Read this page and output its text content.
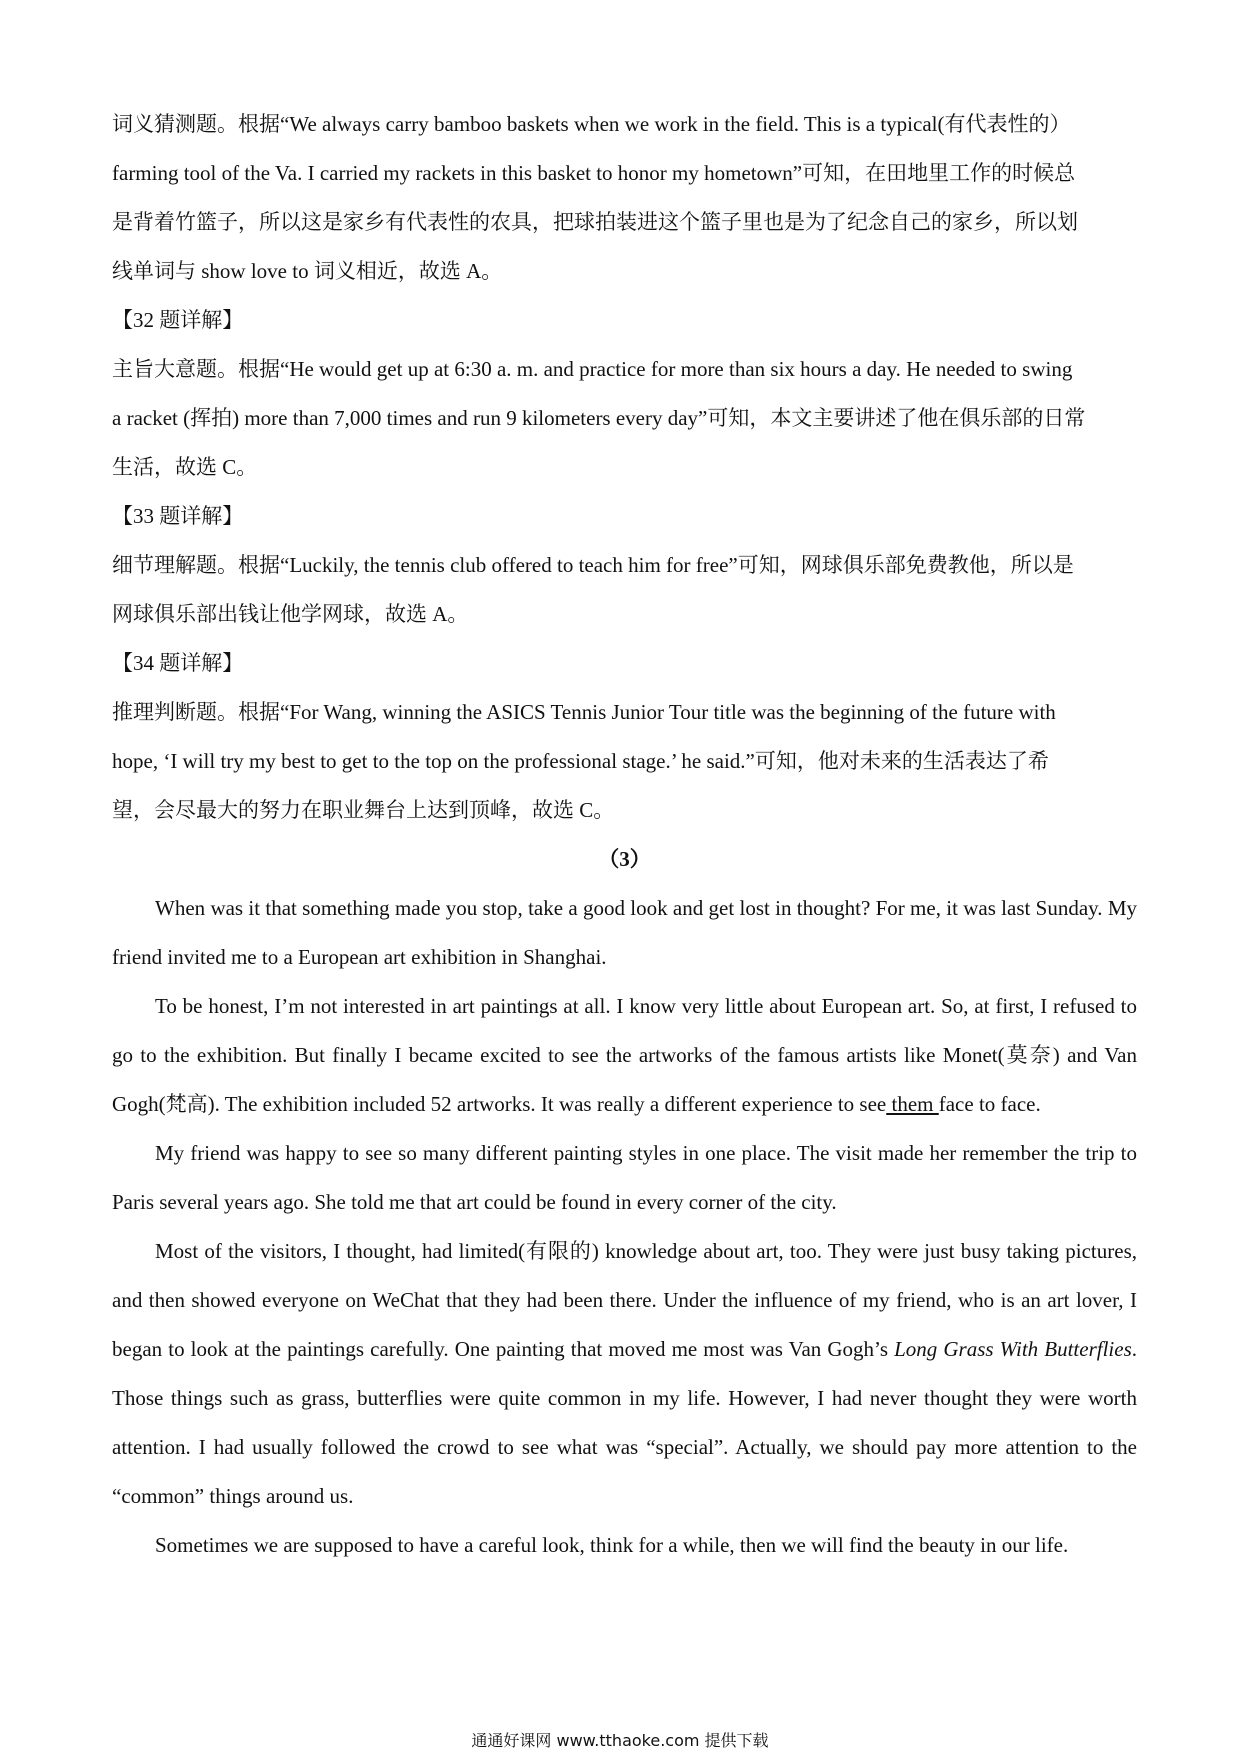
词义猜测题。根据“We always carry bamboo baskets when we work in the field. This is a typical(有代表性的）

farming tool of the Va. I carried my rackets in this basket to honor my hometown”可知，在田地里工作的时候总

是背着竹篮子，所以这是家乡有代表性的农具，把球拍装进这个篮子里也是为了纪念自己的家乡，所以划

线单词与 show love to 词义相近，故选 A。

【32 题详解】

主旨大意题。根据“He would get up at 6:30 a. m. and practice for more than six hours a day. He needed to swing

a racket (挥拍) more than 7,000 times and run 9 kilometers every day”可知，本文主要讲述了他在俱乐部的日常

生活，故选 C。

【33 题详解】

细节理解题。根据“Luckily, the tennis club offered to teach him for free”可知，网球俱乐部免费教他，所以是

网球俱乐部出钱让他学网球，故选 A。

【34 题详解】

推理判断题。根据“For Wang, winning the ASICS Tennis Junior Tour title was the beginning of the future with

hope, ‘I will try my best to get to the top on the professional stage.’ he said.”可知，他对未来的生活表达了希

望，会尽最大的努力在职业舞台上达到顶峰，故选 C。

（3）

When was it that something made you stop, take a good look and get lost in thought? For me, it was last Sunday. My friend invited me to a European art exhibition in Shanghai.

To be honest, I’m not interested in art paintings at all. I know very little about European art. So, at first, I refused to go to the exhibition. But finally I became excited to see the artworks of the famous artists like Monet(莫奈) and Van Gogh(梵高). The exhibition included 52 artworks. It was really a different experience to see them face to face.

My friend was happy to see so many different painting styles in one place. The visit made her remember the trip to Paris several years ago. She told me that art could be found in every corner of the city.

Most of the visitors, I thought, had limited(有限的) knowledge about art, too. They were just busy taking pictures, and then showed everyone on WeChat that they had been there. Under the influence of my friend, who is an art lover, I began to look at the paintings carefully. One painting that moved me most was Van Gogh’s Long Grass With Butterflies. Those things such as grass, butterflies were quite common in my life. However, I had never thought they were worth attention. I had usually followed the crowd to see what was “special”. Actually, we should pay more attention to the “common” things around us.

Sometimes we are supposed to have a careful look, think for a while, then we will find the beauty in our life.

通通好课网 www.tthaoke.com 提供下载
